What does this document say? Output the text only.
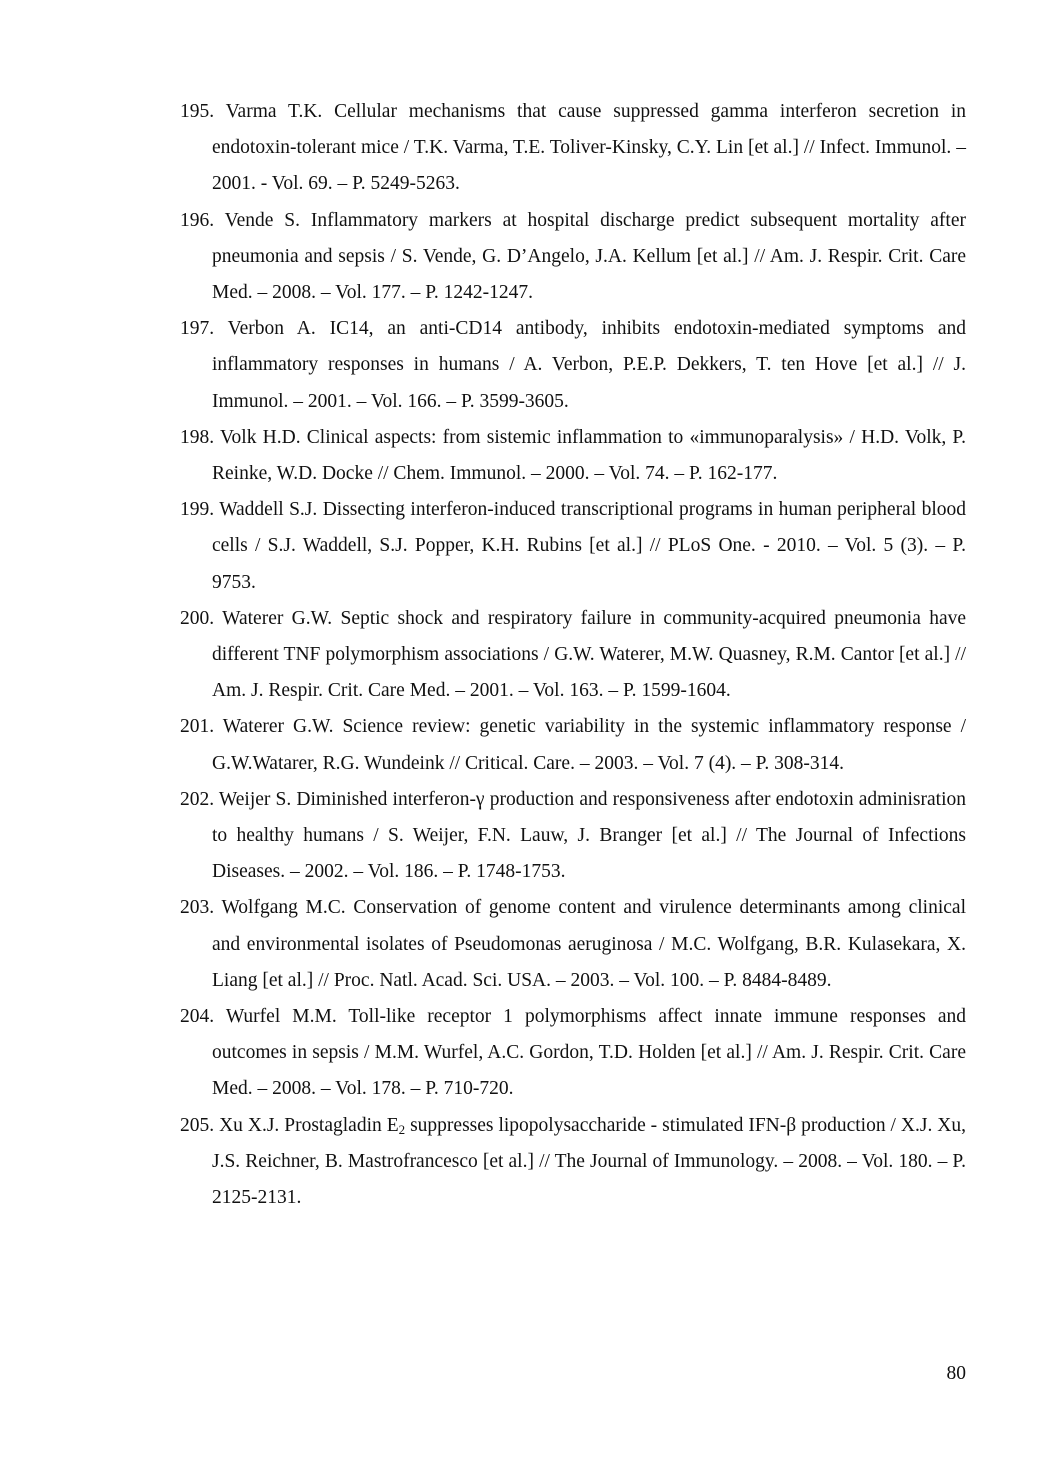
195. Varma T.K. Cellular mechanisms that cause suppressed gamma interferon secretion in endotoxin-tolerant mice / T.K. Varma, T.E. Toliver-Kinsky, C.Y. Lin [et al.] // Infect. Immunol. – 2001. - Vol. 69. – P. 5249-5263.
196. Vende S. Inflammatory markers at hospital discharge predict subsequent mortality after pneumonia and sepsis / S. Vende, G. D’Angelo, J.A. Kellum [et al.] // Am. J. Respir. Crit. Care Med. – 2008. – Vol. 177. – P. 1242-1247.
197. Verbon A. IC14, an anti-CD14 antibody, inhibits endotoxin-mediated symptoms and inflammatory responses in humans / A. Verbon, P.E.P. Dekkers, T. ten Hove [et al.] // J. Immunol. – 2001. – Vol. 166. – P. 3599-3605.
198. Volk H.D. Clinical aspects: from sistemic inflammation to «immunoparalysis» / H.D. Volk, P. Reinke, W.D. Docke // Chem. Immunol. – 2000. – Vol. 74. – P. 162-177.
199. Waddell S.J. Dissecting interferon-induced transcriptional programs in human peripheral blood cells / S.J. Waddell, S.J. Popper, K.H. Rubins [et al.] // PLoS One. - 2010. – Vol. 5 (3). – P. 9753.
200. Waterer G.W. Septic shock and respiratory failure in community-acquired pneumonia have different TNF polymorphism associations / G.W. Waterer, M.W. Quasney, R.M. Cantor [et al.] // Am. J. Respir. Crit. Care Med. – 2001. – Vol. 163. – P. 1599-1604.
201. Waterer G.W. Science review: genetic variability in the systemic inflammatory response / G.W.Watarer, R.G. Wundeink // Critical. Care. – 2003. – Vol. 7 (4). – P. 308-314.
202. Weijer S. Diminished interferon-γ production and responsiveness after endotoxin adminisration to healthy humans / S. Weijer, F.N. Lauw, J. Branger [et al.] // The Journal of Infections Diseases. – 2002. – Vol. 186. – P. 1748-1753.
203. Wolfgang M.C. Conservation of genome content and virulence determinants among clinical and environmental isolates of Pseudomonas aeruginosa / M.C. Wolfgang, B.R. Kulasekara, X. Liang [et al.] // Proc. Natl. Acad. Sci. USA. – 2003. – Vol. 100. – P. 8484-8489.
204. Wurfel M.M. Toll-like receptor 1 polymorphisms affect innate immune responses and outcomes in sepsis / M.M. Wurfel, A.C. Gordon, T.D. Holden [et al.] // Am. J. Respir. Crit. Care Med. – 2008. – Vol. 178. – P. 710-720.
205. Xu X.J. Prostagladin $E_2$ suppresses lipopolysaccharide - stimulated IFN-β production / X.J. Xu, J.S. Reichner, B. Mastrofrancesco [et al.] // The Journal of Immunology. – 2008. – Vol. 180. – P. 2125-2131.
80
